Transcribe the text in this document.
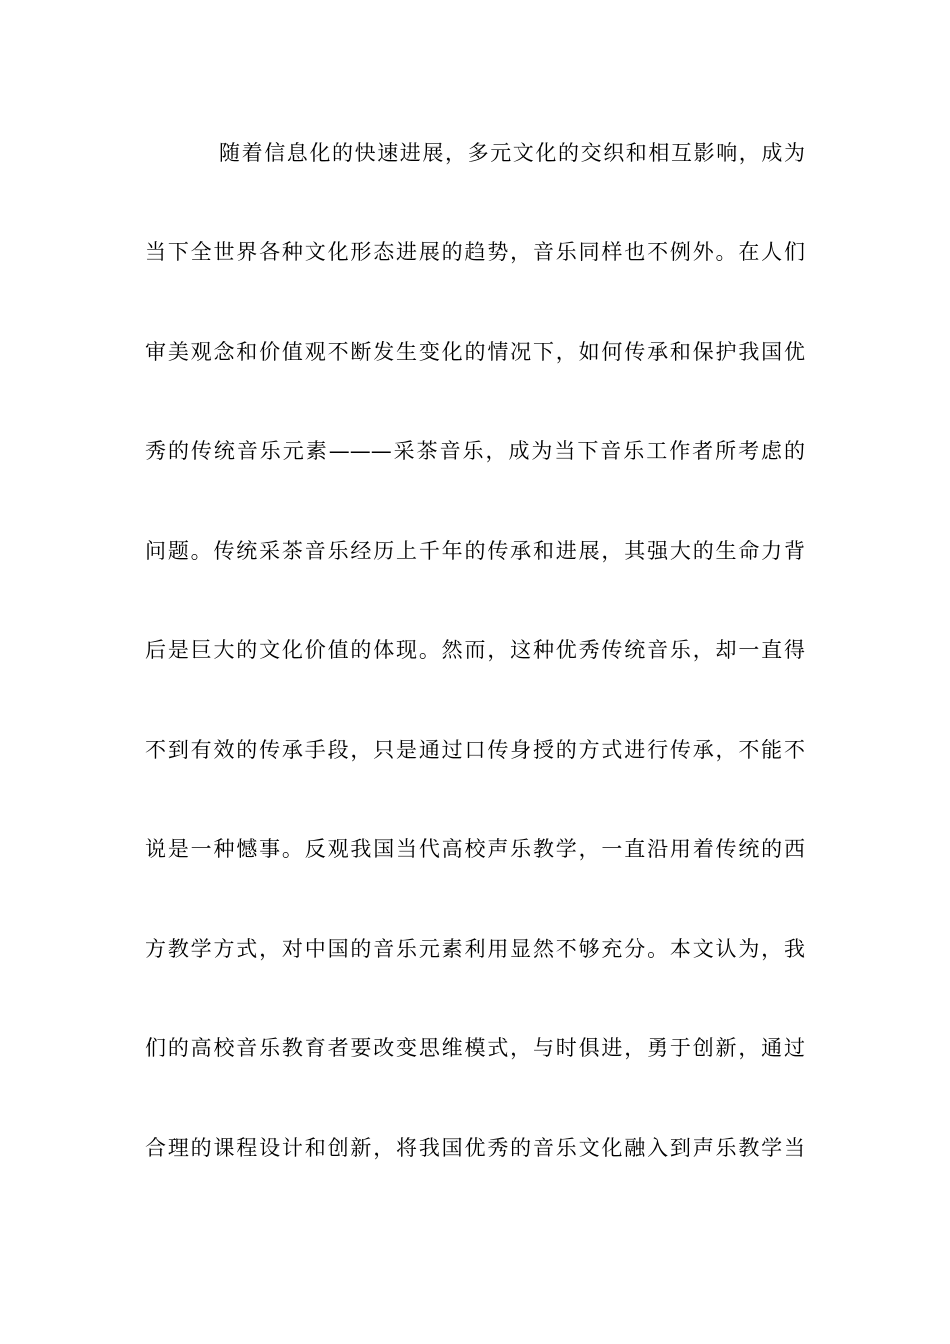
随着信息化的快速进展，多元文化的交织和相互影响，成为
当下全世界各种文化形态进展的趋势，音乐同样也不例外。在人们
审美观念和价值观不断发生变化的情况下，如何传承和保护我国优
秀的传统音乐元素———采茶音乐，成为当下音乐工作者所考虑的
问题。传统采茶音乐经历上千年的传承和进展，其强大的生命力背
后是巨大的文化价值的体现。然而，这种优秀传统音乐，却一直得
不到有效的传承手段，只是通过口传身授的方式进行传承，不能不
说是一种憾事。反观我国当代高校声乐教学，一直沿用着传统的西
方教学方式，对中国的音乐元素利用显然不够充分。本文认为，我
们的高校音乐教育者要改变思维模式，与时俱进，勇于创新，通过
合理的课程设计和创新，将我国优秀的音乐文化融入到声乐教学当
